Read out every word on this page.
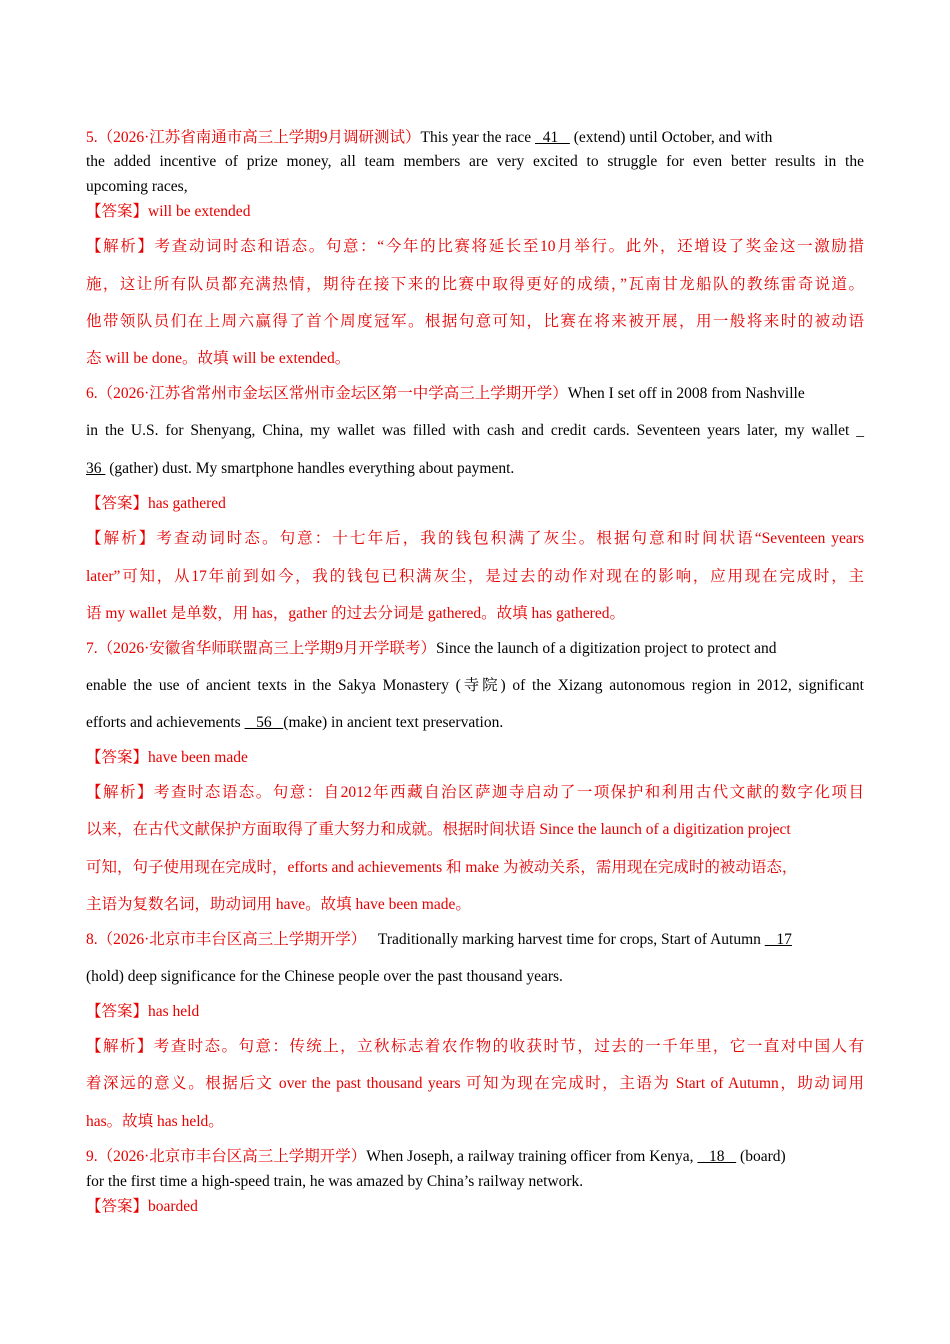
5.（2026·江苏省南通市高三上学期9月调研测试）This year the race   41    (extend) until October, and with
the added incentive of prize money, all team members are very excited to struggle for even better results in the
upcoming races,
【答案】will be extended
【解析】考查动词时态和语态。句意：“今年的比赛将延长至10月举行。此外，还增设了奖金这一激励措
施，这让所有队员都充满热情，期待在接下来的比赛中取得更好的成绩，”瓦南甘龙船队的教练雷奇说道。
他带领队员们在上周六赢得了首个周度冠军。根据句意可知，比赛在将来被开展，用一般将来时的被动语
态 will be done。故填 will be extended。
6.（2026·江苏省常州市金坛区常州市金坛区第一中学高三上学期开学）When I set off in 2008 from Nashville
in the U.S. for Shenyang, China, my wallet was filled with cash and credit cards. Seventeen years later, my wallet _
36  (gather) dust. My smartphone handles everything about payment.
【答案】has gathered
【解析】考查动词时态。句意：十七年后，我的钱包积满了灰尘。根据句意和时间状语“Seventeen years
later”可知，从17年前到如今，我的钱包已积满灰尘，是过去的动作对现在的影响，应用现在完成时，主
语 my wallet 是单数，用 has，gather 的过去分词是 gathered。故填 has gathered。
7.（2026·安徽省华师联盟高三上学期9月开学联考）Since the launch of a digitization project to protect and
enable the use of ancient texts in the Sakya Monastery (寺院) of the Xizang autonomous region in 2012, significant
efforts and achievements    56   (make) in ancient text preservation.
【答案】have been made
【解析】考查时态语态。句意：自2012年西藏自治区萨迦寺启动了一项保护和利用古代文献的数字化项目
以来，在古代文献保护方面取得了重大努力和成就。根据时间状语 Since the launch of a digitization project
可知，句子使用现在完成时，efforts and achievements 和 make 为被动关系，需用现在完成时的被动语态，
主语为复数名词，助动词用 have。故填 have been made。
8.（2026·北京市丰台区高三上学期开学） Traditionally marking harvest time for crops, Start of Autumn    17
(hold) deep significance for the Chinese people over the past thousand years.
【答案】has held
【解析】考查时态。句意：传统上，立秋标志着农作物的收获时节，过去的一千年里，它一直对中国人有
着深远的意义。根据后文 over the past thousand years 可知为现在完成时，主语为 Start of Autumn，助动词用
has。故填 has held。
9.（2026·北京市丰台区高三上学期开学）When Joseph, a railway training officer from Kenya,    18    (board)
for the first time a high-speed train, he was amazed by China’s railway network.
【答案】boarded
